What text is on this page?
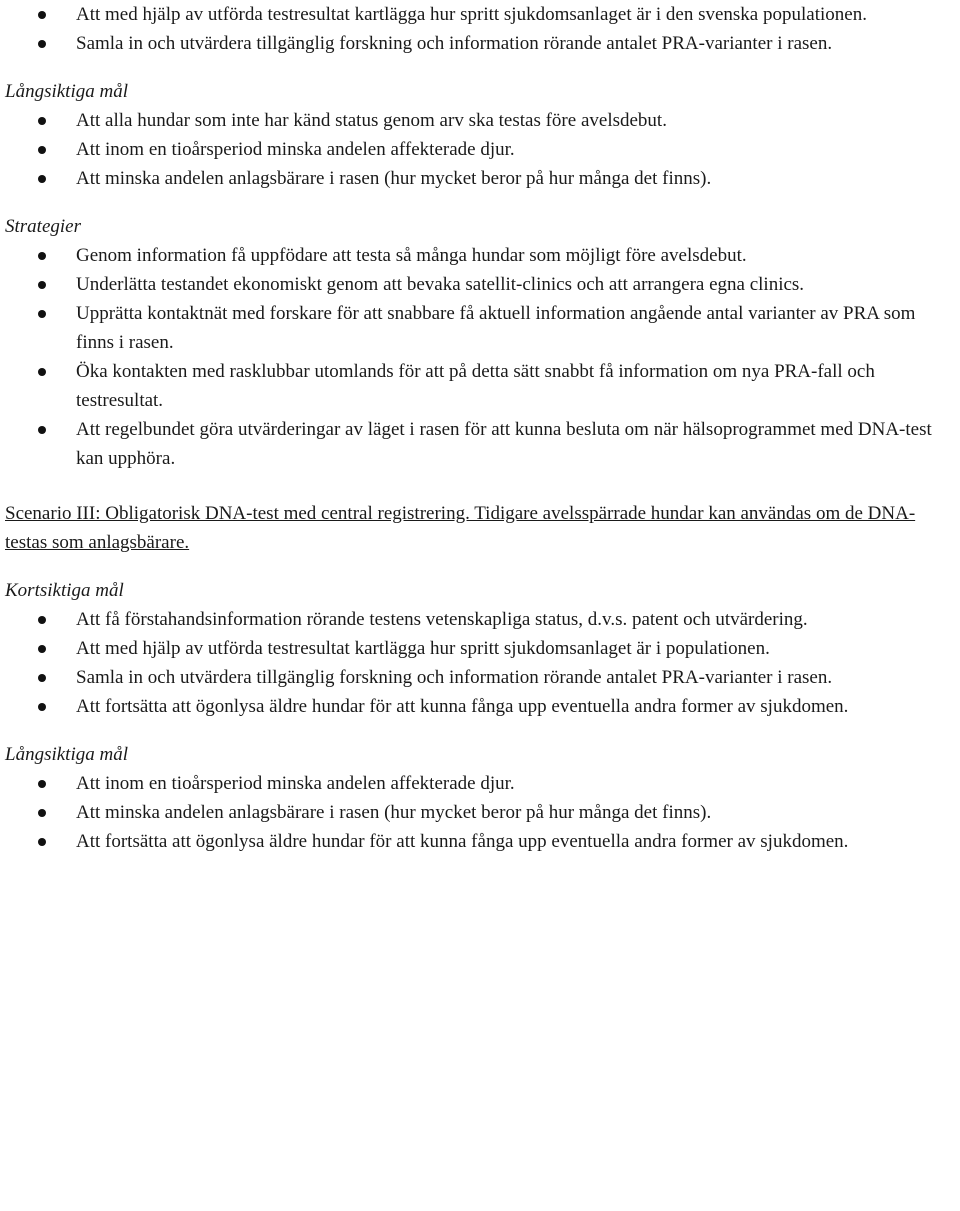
Att med hjälp av utförda testresultat kartlägga hur spritt sjukdomsanlaget är i den svenska populationen.
Samla in och utvärdera tillgänglig forskning och information rörande antalet PRA-varianter i rasen.
Långsiktiga mål
Att alla hundar som inte har känd status genom arv ska testas före avelsdebut.
Att inom en tioårsperiod minska andelen affekterade djur.
Att minska andelen anlagsbärare i rasen (hur mycket beror på hur många det finns).
Strategier
Genom information få uppfödare att testa så många hundar som möjligt före avelsdebut.
Underlätta testandet ekonomiskt genom att bevaka satellit-clinics och att arrangera egna clinics.
Upprätta kontaktnät med forskare för att snabbare få aktuell information angående antal varianter av PRA som finns i rasen.
Öka kontakten med rasklubbar utomlands för att på detta sätt snabbt få information om nya PRA-fall och testresultat.
Att regelbundet göra utvärderingar av läget i rasen för att kunna besluta om när hälsoprogrammet med DNA-test kan upphöra.
Scenario III: Obligatorisk DNA-test med central registrering. Tidigare avelsspärrade hundar kan användas om de DNA-testas som anlagsbärare.
Kortsiktiga mål
Att få förstahandsinformation rörande testens vetenskapliga status, d.v.s. patent och utvärdering.
Att med hjälp av utförda testresultat kartlägga hur spritt sjukdomsanlaget är i populationen.
Samla in och utvärdera tillgänglig forskning och information rörande antalet PRA-varianter i rasen.
Att fortsätta att ögonlysa äldre hundar för att kunna fånga upp eventuella andra former av sjukdomen.
Långsiktiga mål
Att inom en tioårsperiod minska andelen affekterade djur.
Att minska andelen anlagsbärare i rasen (hur mycket beror på hur många det finns).
Att fortsätta att ögonlysa äldre hundar för att kunna fånga upp eventuella andra former av sjukdomen.
